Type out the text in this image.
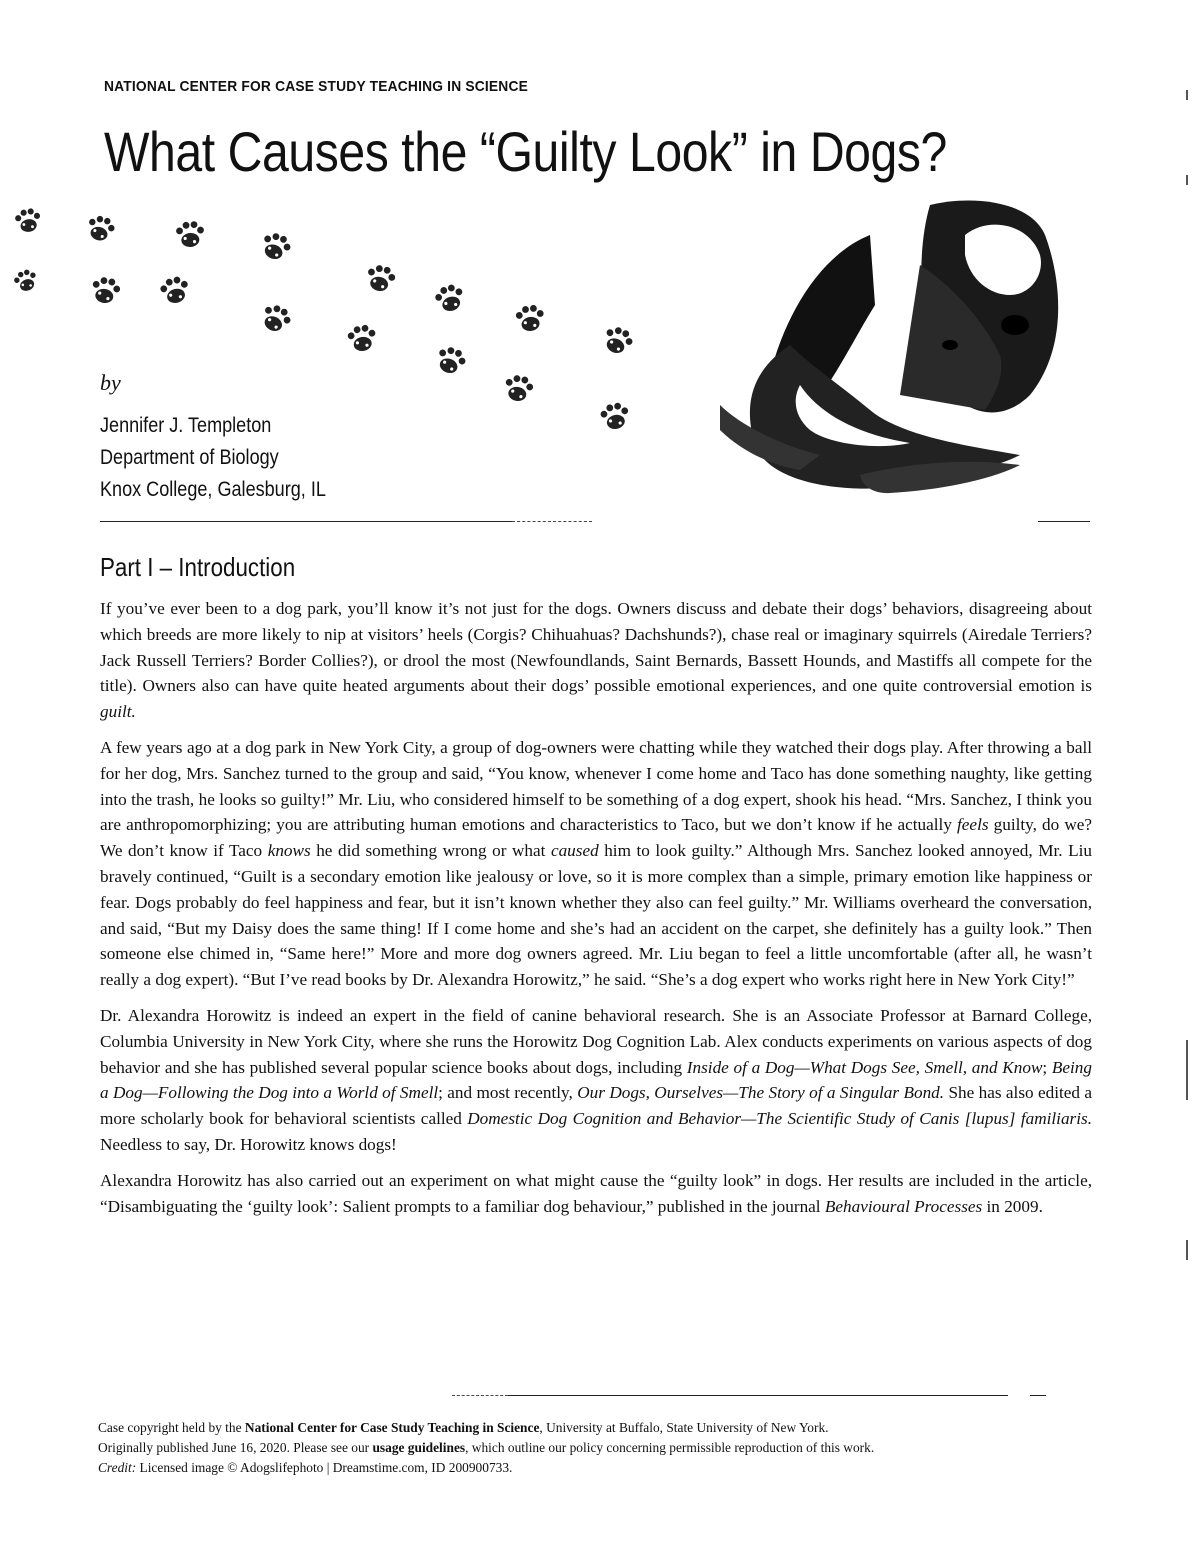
NATIONAL CENTER FOR CASE STUDY TEACHING IN SCIENCE
What Causes the “Guilty Look” in Dogs?
by
Jennifer J. Templeton
Department of Biology
Knox College, Galesburg, IL
Part I – Introduction

If you’ve ever been to a dog park, you’ll know it’s not just for the dogs. Owners discuss and debate their dogs’ behaviors, disagreeing about which breeds are more likely to nip at visitors’ heels (Corgis? Chihuahuas? Dachshunds?), chase real or imaginary squirrels (Airedale Terriers? Jack Russell Terriers? Border Collies?), or drool the most (Newfoundlands, Saint Bernards, Bassett Hounds, and Mastiffs all compete for the title). Owners also can have quite heated arguments about their dogs’ possible emotional experiences, and one quite controversial emotion is guilt.

A few years ago at a dog park in New York City, a group of dog-owners were chatting while they watched their dogs play. After throwing a ball for her dog, Mrs. Sanchez turned to the group and said, “You know, whenever I come home and Taco has done something naughty, like getting into the trash, he looks so guilty!” Mr. Liu, who considered himself to be something of a dog expert, shook his head. “Mrs. Sanchez, I think you are anthropomorphizing; you are attributing human emotions and characteristics to Taco, but we don’t know if he actually feels guilty, do we? We don’t know if Taco knows he did something wrong or what caused him to look guilty.” Although Mrs. Sanchez looked annoyed, Mr. Liu bravely continued, “Guilt is a secondary emotion like jealousy or love, so it is more complex than a simple, primary emotion like happiness or fear. Dogs probably do feel happiness and fear, but it isn’t known whether they also can feel guilty.” Mr. Williams overheard the conversation, and said, “But my Daisy does the same thing! If I come home and she’s had an accident on the carpet, she definitely has a guilty look.” Then someone else chimed in, “Same here!” More and more dog owners agreed. Mr. Liu began to feel a little uncomfortable (after all, he wasn’t really a dog expert). “But I’ve read books by Dr. Alexandra Horowitz,” he said. “She’s a dog expert who works right here in New York City!”

Dr. Alexandra Horowitz is indeed an expert in the field of canine behavioral research. She is an Associate Professor at Barnard College, Columbia University in New York City, where she runs the Horowitz Dog Cognition Lab. Alex conducts experiments on various aspects of dog behavior and she has published several popular science books about dogs, including Inside of a Dog—What Dogs See, Smell, and Know; Being a Dog—Following the Dog into a World of Smell; and most recently, Our Dogs, Ourselves—The Story of a Singular Bond. She has also edited a more scholarly book for behavioral scientists called Domestic Dog Cognition and Behavior—The Scientific Study of Canis [lupus] familiaris. Needless to say, Dr. Horowitz knows dogs!

Alexandra Horowitz has also carried out an experiment on what might cause the “guilty look” in dogs. Her results are included in the article, “Disambiguating the ‘guilty look’: Salient prompts to a familiar dog behaviour,” published in the journal Behavioural Processes in 2009.

Case copyright held by the National Center for Case Study Teaching in Science, University at Buffalo, State University of New York.
Originally published June 16, 2020. Please see our usage guidelines, which outline our policy concerning permissible reproduction of this work.
Credit: Licensed image © Adogslifephoto | Dreamstime.com, ID 200900733.
